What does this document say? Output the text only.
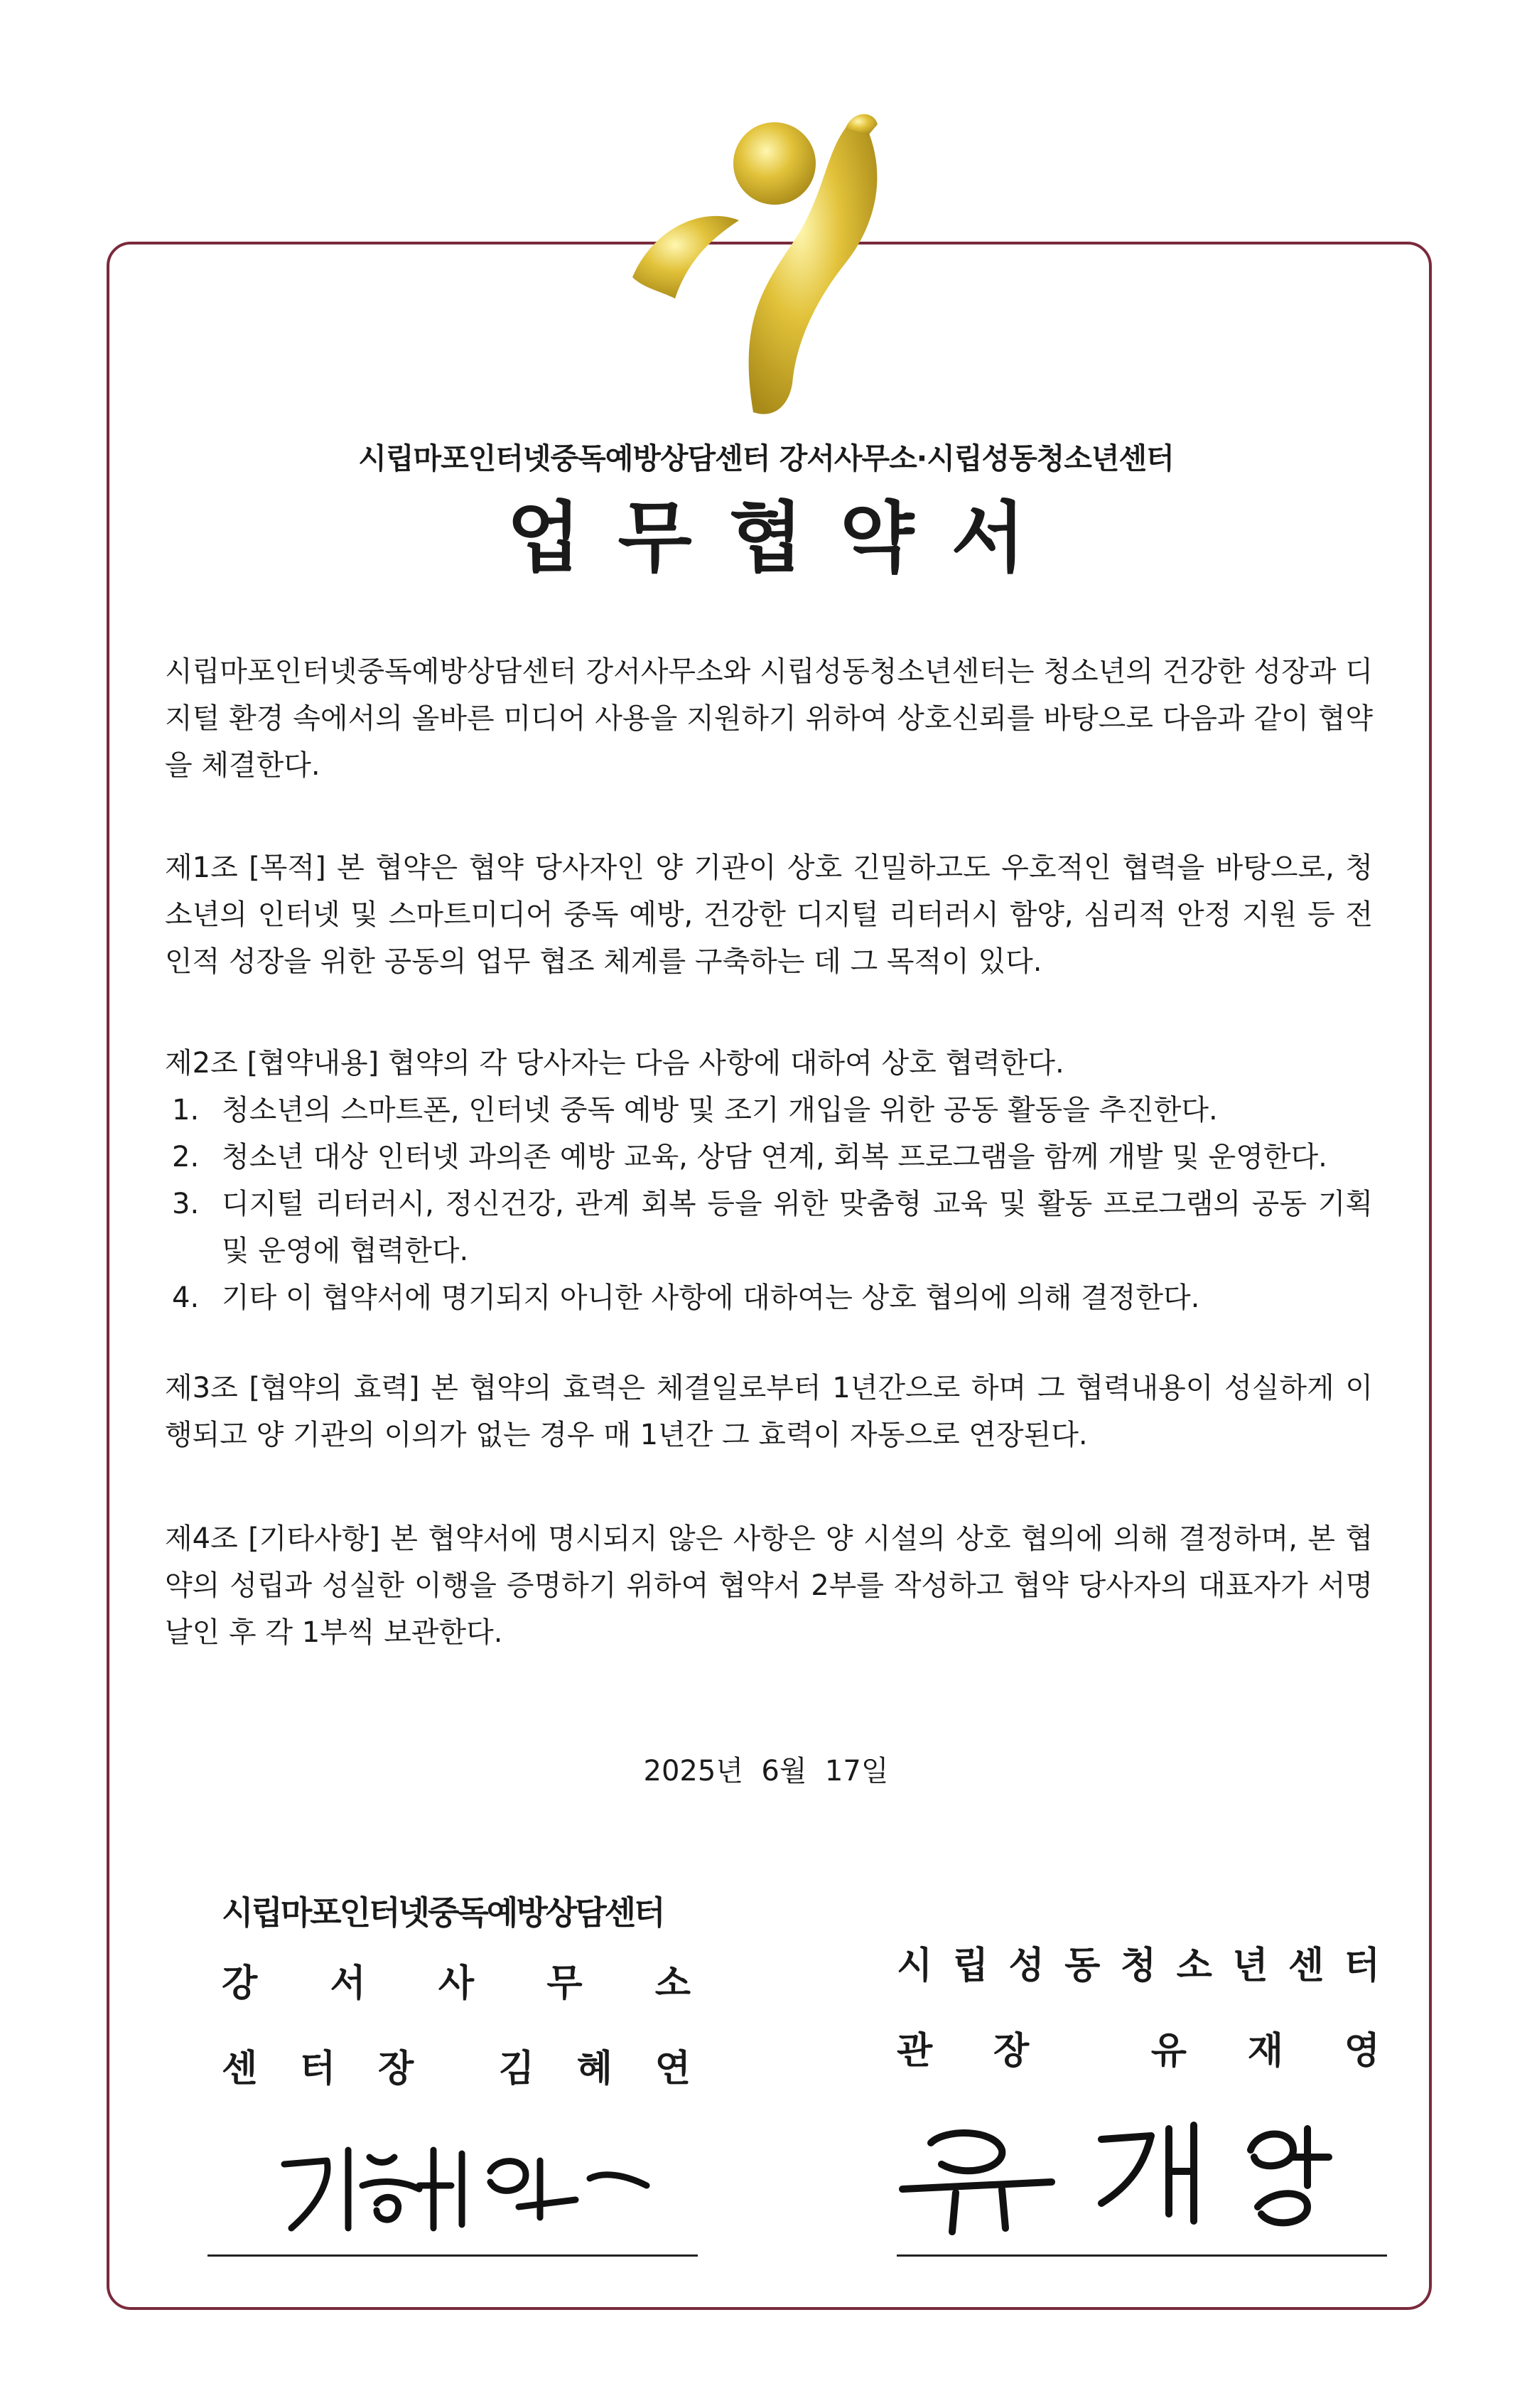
시립마포인터넷중독예방상담센터 강서사무소·시립성동청소년센터
업무협약서
시립마포인터넷중독예방상담센터 강서사무소와 시립성동청소년센터는 청소년의 건강한 성장과 디지털 환경 속에서의 올바른 미디어 사용을 지원하기 위하여 상호신뢰를 바탕으로 다음과 같이 협약을 체결한다.
제1조 [목적] 본 협약은 협약 당사자인 양 기관이 상호 긴밀하고도 우호적인 협력을 바탕으로, 청소년의 인터넷 및 스마트미디어 중독 예방, 건강한 디지털 리터러시 함양, 심리적 안정 지원 등 전인적 성장을 위한 공동의 업무 협조 체계를 구축하는 데 그 목적이 있다.
제2조 [협약내용] 협약의 각 당사자는 다음 사항에 대하여 상호 협력한다.
1. 청소년의 스마트폰, 인터넷 중독 예방 및 조기 개입을 위한 공동 활동을 추진한다.
2. 청소년 대상 인터넷 과의존 예방 교육, 상담 연계, 회복 프로그램을 함께 개발 및 운영한다.
3. 디지털 리터러시, 정신건강, 관계 회복 등을 위한 맞춤형 교육 및 활동 프로그램의 공동 기획 및 운영에 협력한다.
4. 기타 이 협약서에 명기되지 아니한 사항에 대하여는 상호 협의에 의해 결정한다.
제3조 [협약의 효력] 본 협약의 효력은 체결일로부터 1년간으로 하며 그 협력내용이 성실하게 이행되고 양 기관의 이의가 없는 경우 매 1년간 그 효력이 자동으로 연장된다.
제4조 [기타사항] 본 협약서에 명시되지 않은 사항은 양 시설의 상호 협의에 의해 결정하며, 본 협약의 성립과 성실한 이행을 증명하기 위하여 협약서 2부를 작성하고 협약 당사자의 대표자가 서명 날인 후 각 1부씩 보관한다.
2025년  6월  17일
시립마포인터넷중독예방상담센터
강 서 사 무 소
센 터 장 김 혜 연
시 립 성 동 청 소 년 센 터
관 장	유 재 영
